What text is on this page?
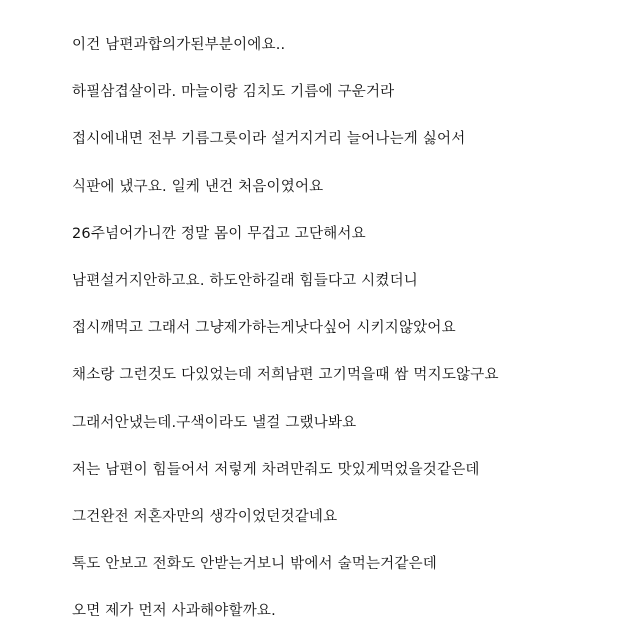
이건 남편과합의가된부분이에요..
하필삼겹살이라. 마늘이랑 김치도 기름에 구운거라
접시에내면 전부 기름그릇이라 설거지거리 늘어나는게 싫어서
식판에 냈구요. 일케 낸건 처음이였어요
26주넘어가니깐 정말 몸이 무겁고 고단해서요
남편설거지안하고요. 하도안하길래 힘들다고 시켰더니
접시깨먹고 그래서 그냥제가하는게낫다싶어 시키지않았어요
채소랑 그런것도 다있었는데 저희남편 고기먹을때 쌈 먹지도않구요
그래서안냈는데.구색이라도 낼걸 그랬나봐요
저는 남편이 힘들어서 저렇게 차려만줘도 맛있게먹었을것같은데
그건완전 저혼자만의 생각이었던것같네요
톡도 안보고 전화도 안받는거보니 밖에서 술먹는거같은데
오면 제가 먼저 사과해야할까요.
